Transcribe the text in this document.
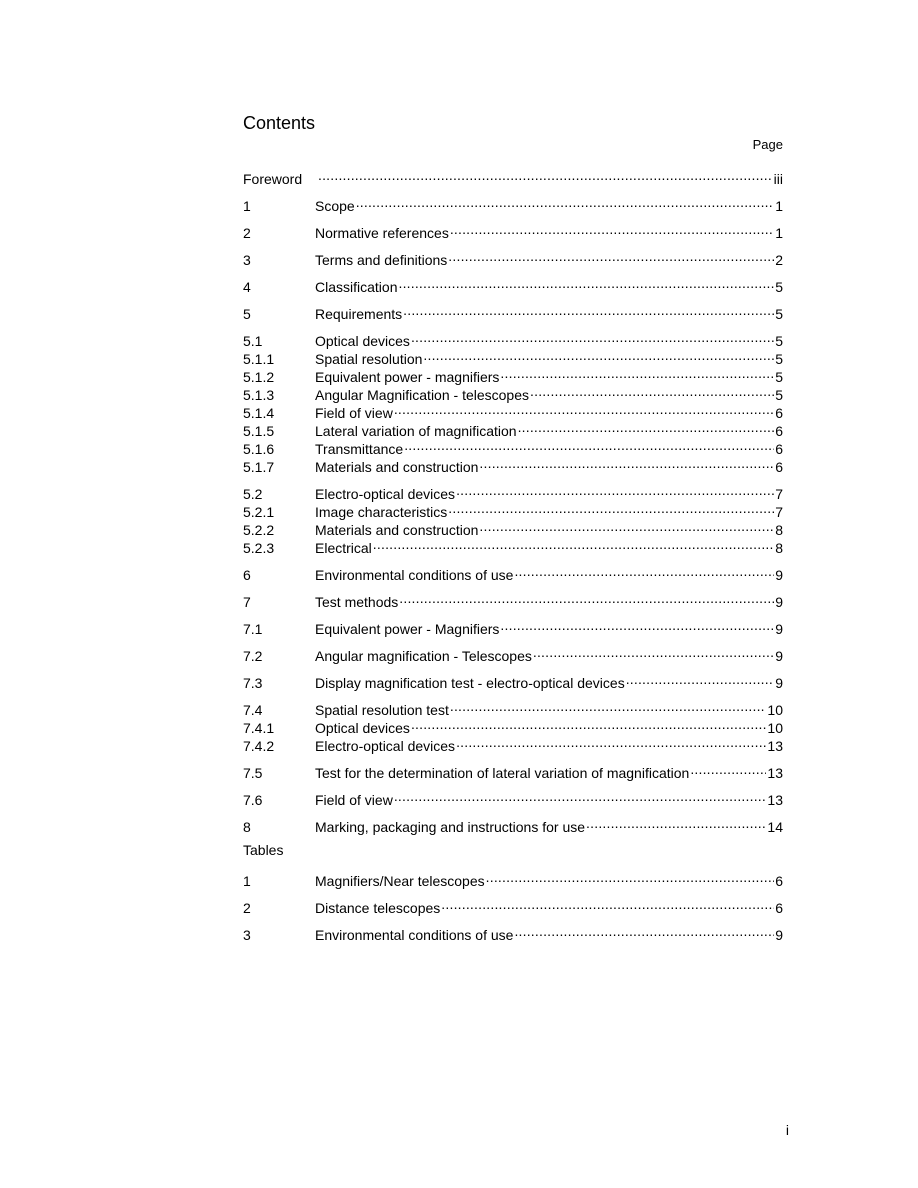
Contents
Page
Foreword .....	iii
1	Scope .....	1
2	Normative references .....	1
3	Terms and definitions .....	2
4	Classification .....	5
5	Requirements .....	5
5.1	Optical devices .....	5
5.1.1	Spatial resolution .....	5
5.1.2	Equivalent power - magnifiers .....	5
5.1.3	Angular Magnification - telescopes .....	5
5.1.4	Field of view .....	6
5.1.5	Lateral variation of magnification .....	6
5.1.6	Transmittance .....	6
5.1.7	Materials and construction .....	6
5.2	Electro-optical devices .....	7
5.2.1	Image characteristics .....	7
5.2.2	Materials and construction .....	8
5.2.3	Electrical .....	8
6	Environmental conditions of use .....	9
7	Test methods .....	9
7.1	Equivalent power - Magnifiers .....	9
7.2	Angular magnification - Telescopes .....	9
7.3	Display magnification test - electro-optical devices .....	9
7.4	Spatial resolution test .....	10
7.4.1	Optical devices .....	10
7.4.2	Electro-optical devices .....	13
7.5	Test for the determination of lateral variation of magnification .....	13
7.6	Field of view .....	13
8	Marking, packaging and instructions for use .....	14
Tables
1	Magnifiers/Near telescopes .....	6
2	Distance telescopes .....	6
3	Environmental conditions of use .....	9
i
